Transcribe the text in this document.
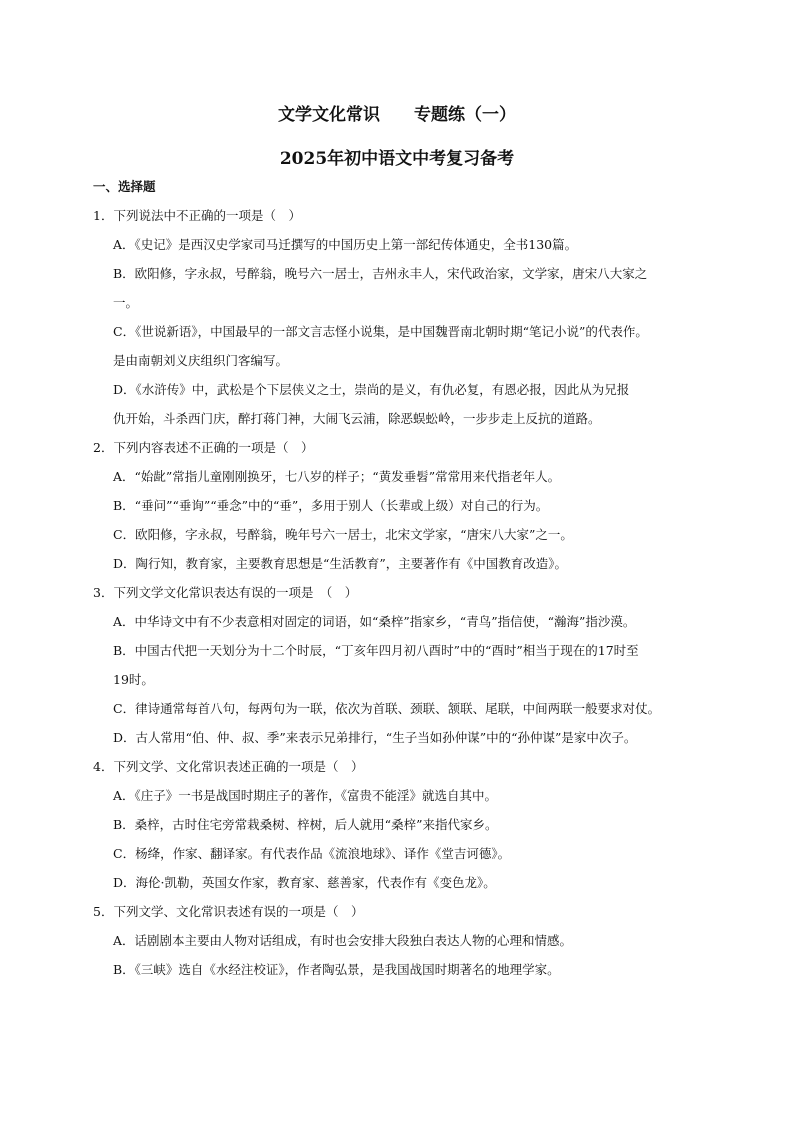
文学文化常识　　专题练（一）
2025年初中语文中考复习备考
一、选择题
1．下列说法中不正确的一项是（　）
A．《史记》是西汉史学家司马迁撰写的中国历史上第一部纪传体通史，全书130篇。
B．欧阳修，字永叔，号醉翁，晚号六一居士，吉州永丰人，宋代政治家，文学家，唐宋八大家之
一。
C．《世说新语》，中国最早的一部文言志怪小说集，是中国魏晋南北朝时期“笔记小说”的代表作。
是由南朝刘义庆组织门客编写。
D．《水浒传》中，武松是个下层侠义之士，崇尚的是义，有仇必复，有恩必报，因此从为兄报
仇开始，斗杀西门庆，醉打蒋门神，大闹飞云浦，除恶蜈蚣岭，一步步走上反抗的道路。
2．下列内容表述不正确的一项是（　）
A．“始龀”常指儿童刚刚换牙，七八岁的样子；“黄发垂髫”常常用来代指老年人。
B．“垂问”“垂询”“垂念”中的“垂”，多用于别人（长辈或上级）对自己的行为。
C．欧阳修，字永叔，号醉翁，晚年号六一居士，北宋文学家，“唐宋八大家”之一。
D．陶行知，教育家，主要教育思想是“生活教育”，主要著作有《中国教育改造》。
3．下列文学文化常识表达有误的一项是　（　）
A．中华诗文中有不少表意相对固定的词语，如“桑梓”指家乡，“青鸟”指信使，“瀚海”指沙漠。
B．中国古代把一天划分为十二个时辰，“丁亥年四月初八酉时”中的“酉时”相当于现在的17时至
19时。
C．律诗通常每首八句，每两句为一联，依次为首联、颈联、颔联、尾联，中间两联一般要求对仗。
D．古人常用“伯、仲、叔、季”来表示兄弟排行，“生子当如孙仲谋”中的“孙仲谋”是家中次子。
4．下列文学、文化常识表述正确的一项是（　）
A．《庄子》一书是战国时期庄子的著作，《富贵不能淫》就选自其中。
B．桑梓，古时住宅旁常栽桑树、梓树，后人就用“桑梓”来指代家乡。
C．杨绛，作家、翻译家。有代表作品《流浪地球》、译作《堂吉诃德》。
D．海伦·凯勒，英国女作家，教育家、慈善家，代表作有《变色龙》。
5．下列文学、文化常识表述有误的一项是（　）
A．话剧剧本主要由人物对话组成，有时也会安排大段独白表达人物的心理和情感。
B．《三峡》选自《水经注校证》，作者陶弘景，是我国战国时期著名的地理学家。
